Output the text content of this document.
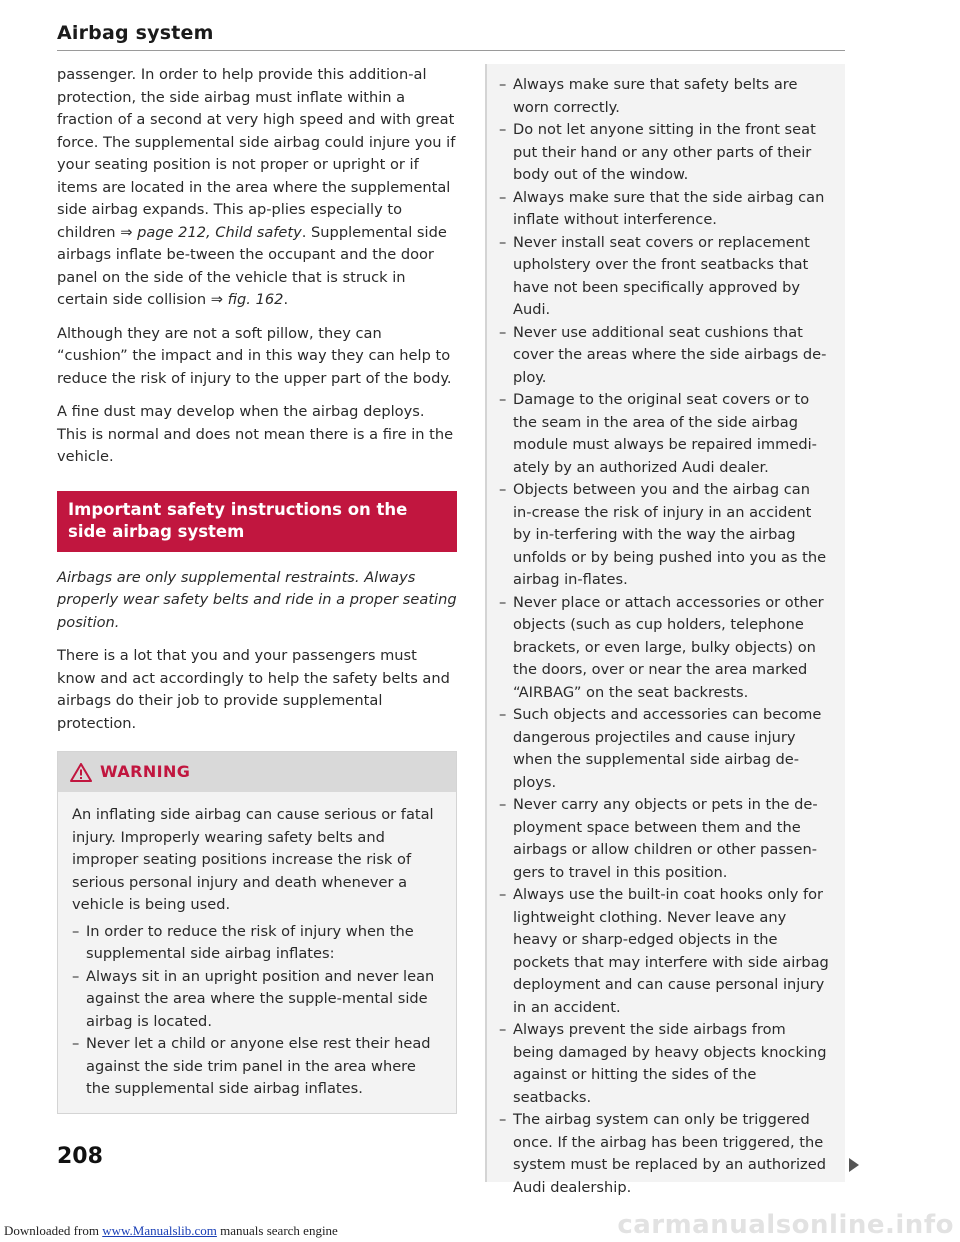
Airbag system

passenger. In order to help provide this addition-al protection, the side airbag must inflate within a fraction of a second at very high speed and with great force. The supplemental side airbag could injure you if your seating position is not proper or upright or if items are located in the area where the supplemental side airbag expands. This ap-plies especially to children ⇒ page 212, Child safety. Supplemental side airbags inflate be-tween the occupant and the door panel on the side of the vehicle that is struck in certain side collision ⇒ fig. 162.

Although they are not a soft pillow, they can “cushion” the impact and in this way they can help to reduce the risk of injury to the upper part of the body.

A fine dust may develop when the airbag deploys. This is normal and does not mean there is a fire in the vehicle.

Important safety instructions on the side airbag system

Airbags are only supplemental restraints. Always properly wear safety belts and ride in a proper seating position.

There is a lot that you and your passengers must know and act accordingly to help the safety belts and airbags do their job to provide supplemental protection.

WARNING

An inflating side airbag can cause serious or fatal injury. Improperly wearing safety belts and improper seating positions increase the risk of serious personal injury and death whenever a vehicle is being used.

– In order to reduce the risk of injury when the supplemental side airbag inflates:
– Always sit in an upright position and never lean against the area where the supple-mental side airbag is located.
– Never let a child or anyone else rest their head against the side trim panel in the area where the supplemental side airbag inflates.
208
– Always make sure that safety belts are worn correctly.
– Do not let anyone sitting in the front seat put their hand or any other parts of their body out of the window.
– Always make sure that the side airbag can inflate without interference.
– Never install seat covers or replacement upholstery over the front seatbacks that have not been specifically approved by Audi.
– Never use additional seat cushions that cover the areas where the side airbags de-ploy.
– Damage to the original seat covers or to the seam in the area of the side airbag module must always be repaired immedi-ately by an authorized Audi dealer.
– Objects between you and the airbag can in-crease the risk of injury in an accident by in-terfering with the way the airbag unfolds or by being pushed into you as the airbag in-flates.
– Never place or attach accessories or other objects (such as cup holders, telephone brackets, or even large, bulky objects) on the doors, over or near the area marked “AIRBAG” on the seat backrests.
– Such objects and accessories can become dangerous projectiles and cause injury when the supplemental side airbag de-ploys.
– Never carry any objects or pets in the de-ployment space between them and the airbags or allow children or other passen-gers to travel in this position.
– Always use the built-in coat hooks only for lightweight clothing. Never leave any heavy or sharp-edged objects in the pockets that may interfere with side airbag deployment and can cause personal injury in an accident.
– Always prevent the side airbags from being damaged by heavy objects knocking against or hitting the sides of the seatbacks.
– The airbag system can only be triggered once. If the airbag has been triggered, the system must be replaced by an authorized Audi dealership.
Downloaded from www.Manualslib.com manuals search engine	carmanualsonline.info
